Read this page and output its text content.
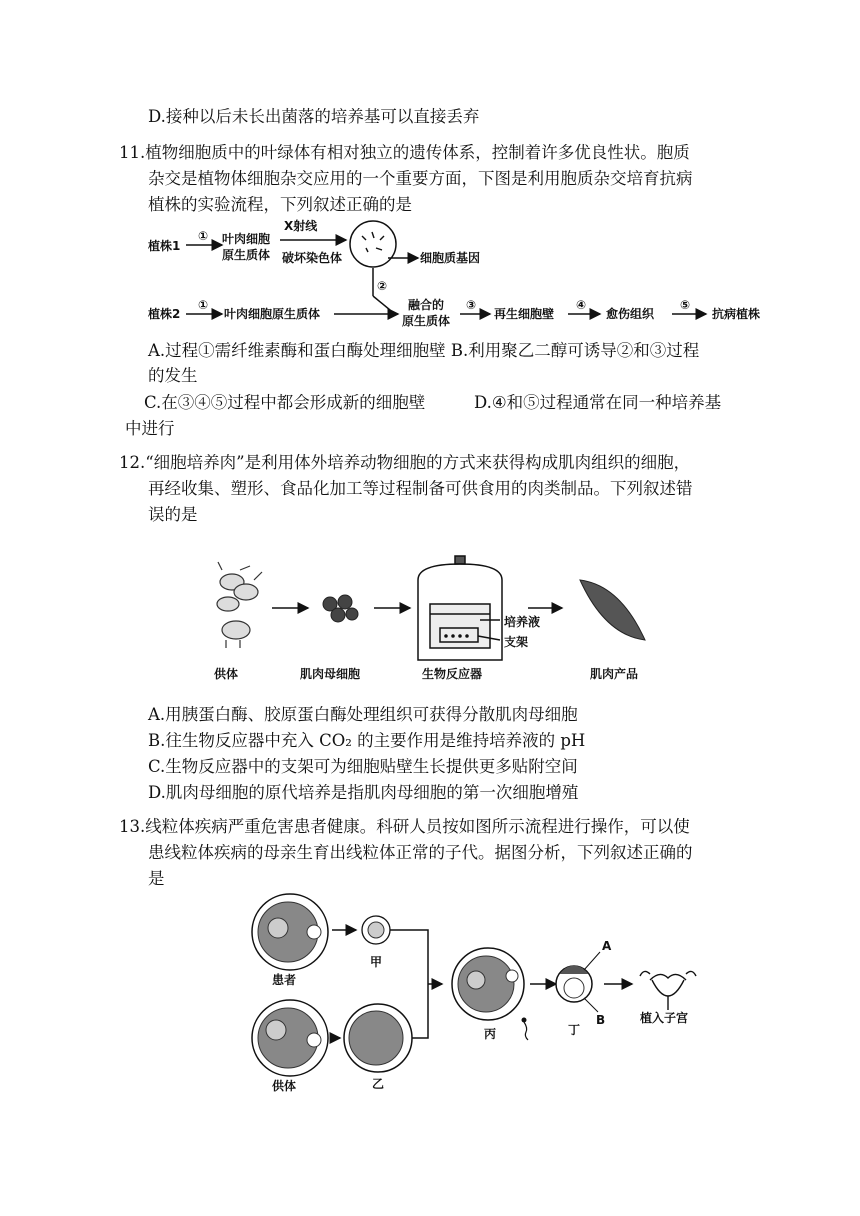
D.接种以后未长出菌落的培养基可以直接丢弃
11.植物细胞质中的叶绿体有相对独立的遗传体系，控制着许多优良性状。胞质
杂交是植物体细胞杂交应用的一个重要方面，下图是利用胞质杂交培育抗病
植株的实验流程，下列叙述正确的是
植株1
① 叶肉细胞
原生质体
X射线
破坏染色体	细胞质基因
②
植株2
①
叶肉细胞原生质体
融合的
原生质体
③
再生细胞壁
④
愈伤组织
⑤
抗病植株
A.过程①需纤维素酶和蛋白酶处理细胞壁 B.利用聚乙二醇可诱导②和③过程
的发生
C.在③④⑤过程中都会形成新的细胞壁	D.④和⑤过程通常在同一种培养基
中进行
12.“细胞培养肉”是利用体外培养动物细胞的方式来获得构成肌肉组织的细胞，
再经收集、塑形、食品化加工等过程制备可供食用的肉类制品。下列叙述错
误的是
培养液
支架
供体	肌肉母细胞	生物反应器	肌肉产品
A.用胰蛋白酶、胶原蛋白酶处理组织可获得分散肌肉母细胞
B.往生物反应器中充入 CO₂ 的主要作用是维持培养液的 pH
C.生物反应器中的支架可为细胞贴壁生长提供更多贴附空间
D.肌肉母细胞的原代培养是指肌肉母细胞的第一次细胞增殖
13.线粒体疾病严重危害患者健康。科研人员按如图所示流程进行操作，可以使
患线粒体疾病的母亲生育出线粒体正常的子代。据图分析，下列叙述正确的
是
患者
甲
供体	乙
丙
A
B
丁
植入子宫
